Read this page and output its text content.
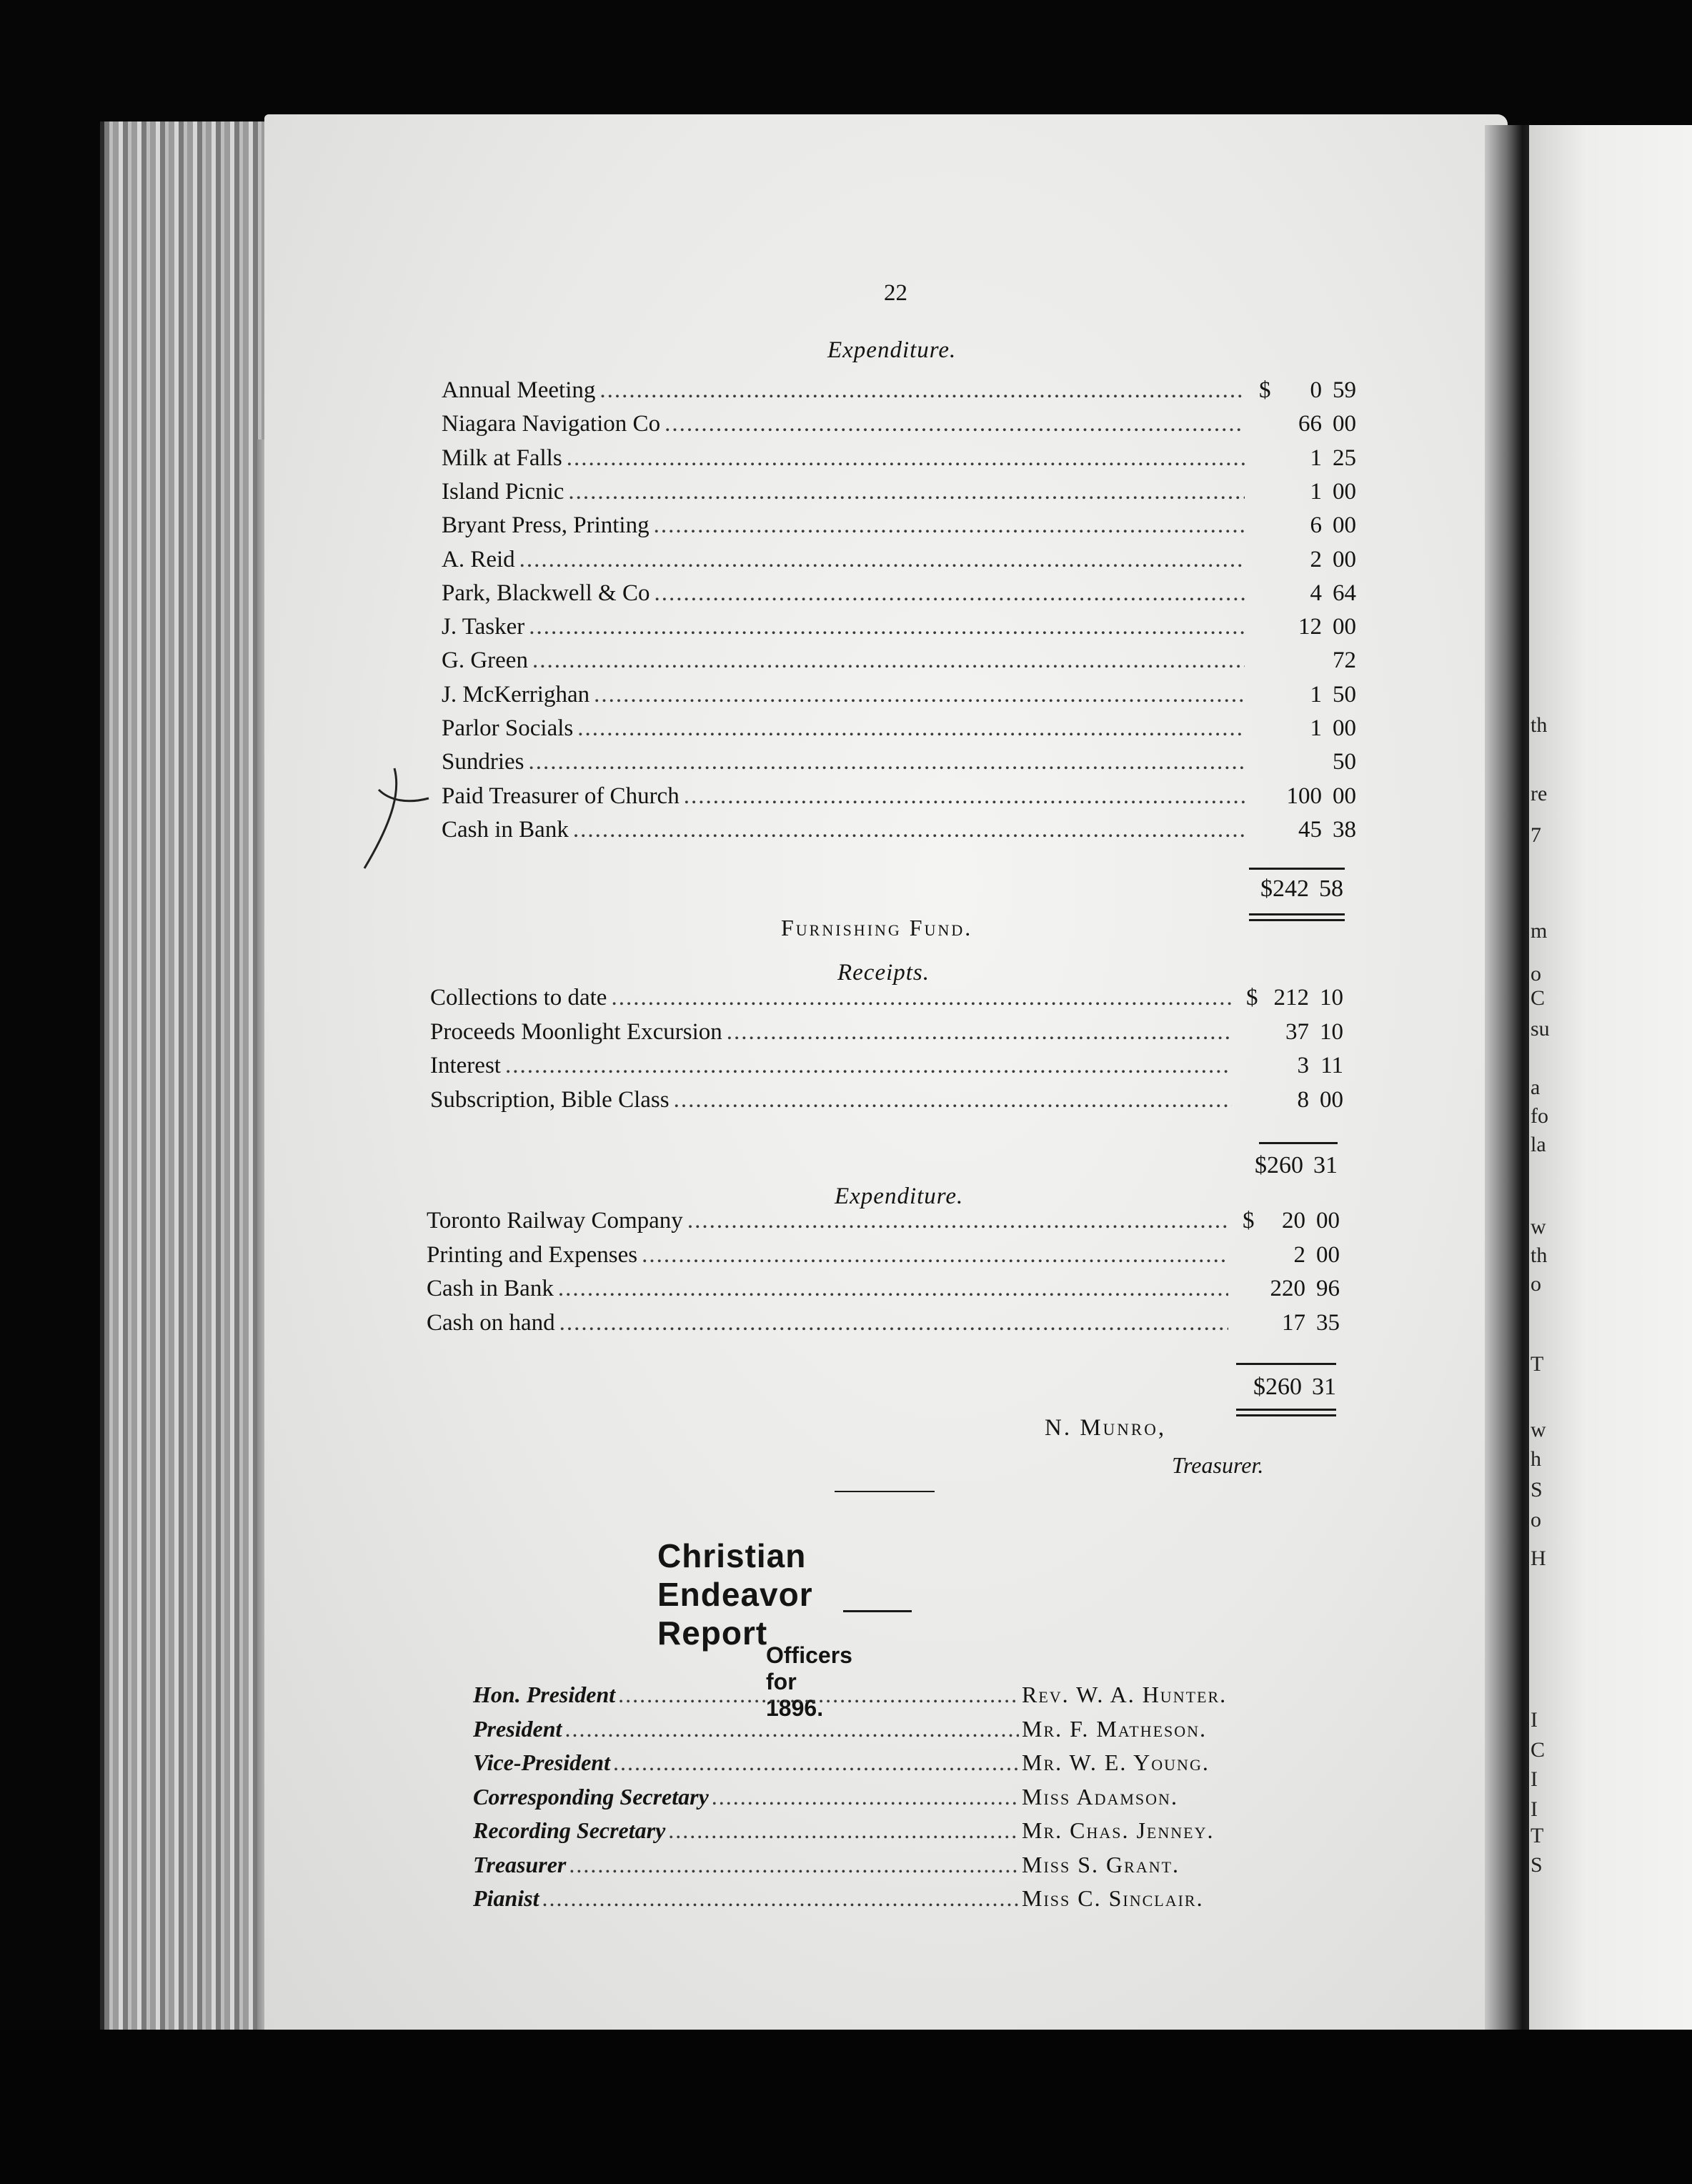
th
re
7
m
o
C
su
a
fo
la
w
th
o
T
w
h
S
o
H
I
C
I
I
T
S
22
Expenditure.
Annual Meeting .....	$ 0 59
Niagara Navigation Co .....	66 00
Milk at Falls .....	1 25
Island Picnic .....	1 00
Bryant Press, Printing .....	6 00
A. Reid .....	2 00
Park, Blackwell & Co .....	4 64
J. Tasker .....	12 00
G. Green .....	72
J. McKerrighan .....	1 50
Parlor Socials .....	1 00
Sundries .....	50
Paid Treasurer of Church .....	100 00
Cash in Bank .....	45 38
$242 58
Furnishing Fund.
Receipts.
Collections to date .....	$ 212 10
Proceeds Moonlight Excursion .....	37 10
Interest .....	3 11
Subscription, Bible Class .....	8 00
$260 31
Expenditure.
Toronto Railway Company .....	$ 20 00
Printing and Expenses .....	2 00
Cash in Bank .....	220 96
Cash on hand .....	17 35
$260 31
N. Munro,
Treasurer.
Christian Endeavor Report
Officers for 1896.
Hon. President .....	Rev. W. A. Hunter.
President .....	Mr. F. Matheson.
Vice-President .....	Mr. W. E. Young.
Corresponding Secretary .....	Miss Adamson.
Recording Secretary .....	Mr. Chas. Jenney.
Treasurer .....	Miss S. Grant.
Pianist .....	Miss C. Sinclair.
